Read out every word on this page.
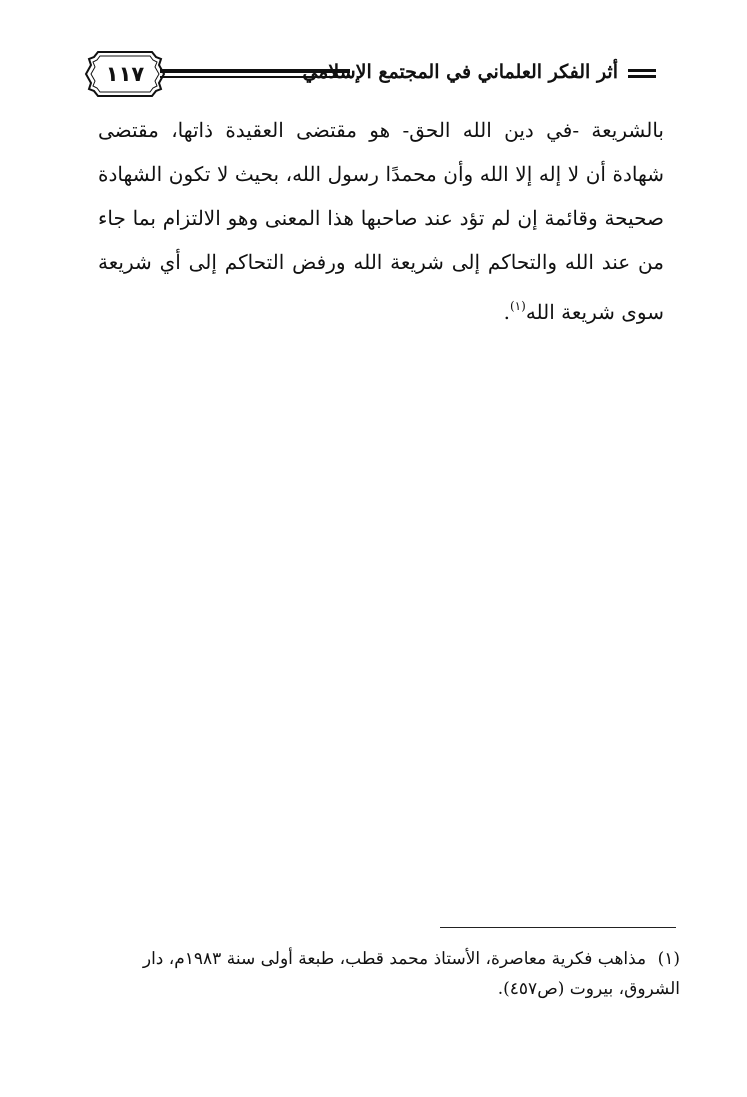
١١٧	أثر الفكر العلماني في المجتمع الإسلامي

بالشريعة -في دين الله الحق- هو مقتضى العقيدة ذاتها، مقتضى شهادة أن لا إله إلا الله وأن محمدًا رسول الله، بحيث لا تكون الشهادة صحيحة وقائمة إن لم تؤد عند صاحبها هذا المعنى وهو الالتزام بما جاء من عند الله والتحاكم إلى شريعة الله ورفض التحاكم إلى أي شريعة سوى شريعة الله$^{(١)}$.

(١) مذاهب فكرية معاصرة، الأستاذ محمد قطب، طبعة أولى سنة ١٩٨٣م، دار الشروق، بيروت (ص٤٥٧).
